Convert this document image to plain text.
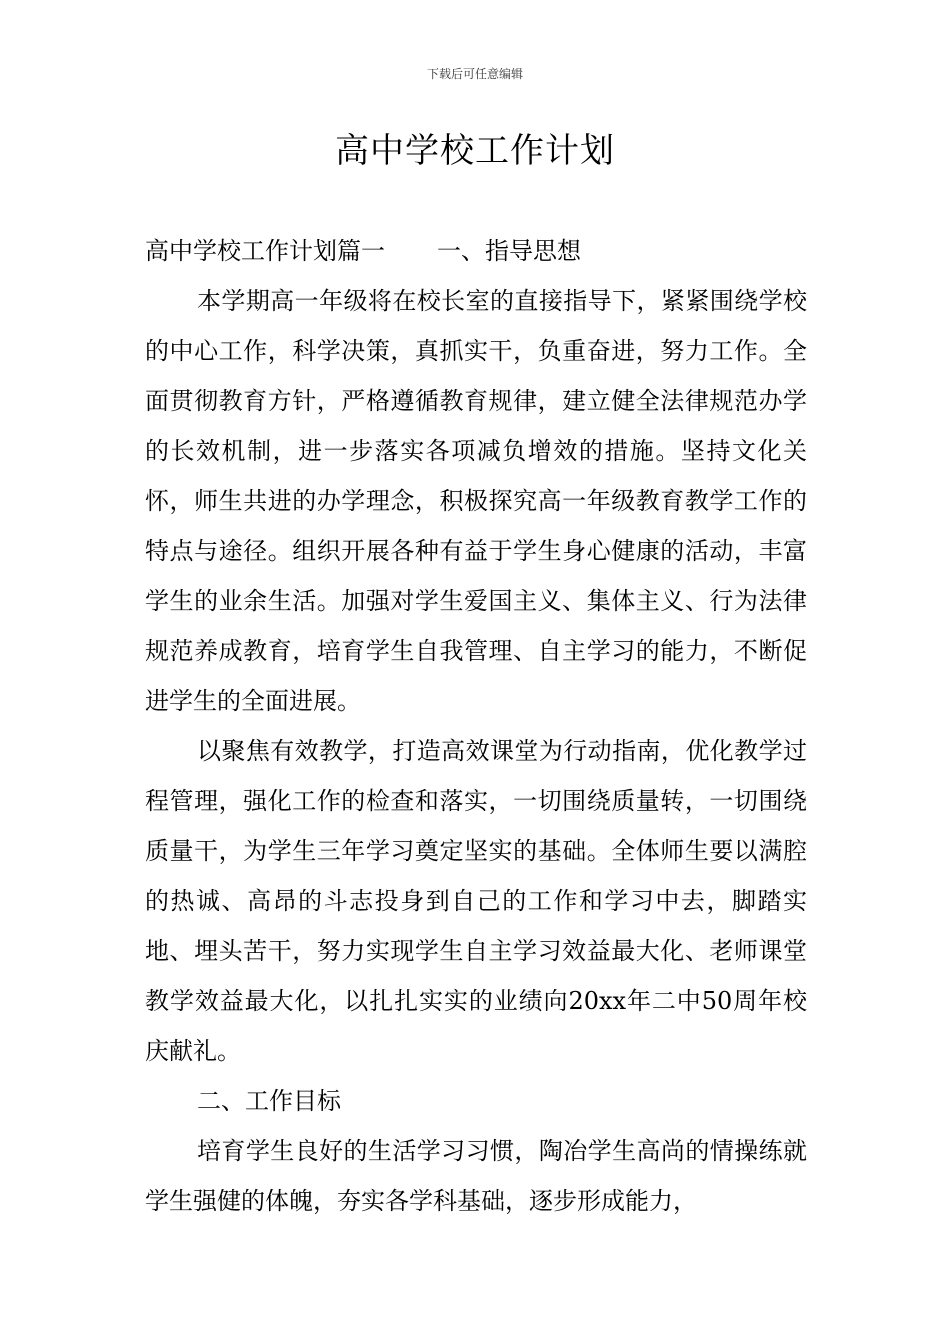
下载后可任意编辑
高中学校工作计划

高中学校工作计划篇一 一、指导思想

本学期高一年级将在校长室的直接指导下，紧紧围绕学校的中心工作，科学决策，真抓实干，负重奋进，努力工作。全面贯彻教育方针，严格遵循教育规律，建立健全法律规范办学的长效机制，进一步落实各项减负增效的措施。坚持文化关怀，师生共进的办学理念，积极探究高一年级教育教学工作的特点与途径。组织开展各种有益于学生身心健康的活动，丰富学生的业余生活。加强对学生爱国主义、集体主义、行为法律规范养成教育，培育学生自我管理、自主学习的能力，不断促进学生的全面进展。

以聚焦有效教学，打造高效课堂为行动指南，优化教学过程管理，强化工作的检查和落实，一切围绕质量转，一切围绕质量干，为学生三年学习奠定坚实的基础。全体师生要以满腔的热诚、高昂的斗志投身到自己的工作和学习中去，脚踏实地、埋头苦干，努力实现学生自主学习效益最大化、老师课堂教学效益最大化，以扎扎实实的业绩向20xx年二中50周年校庆献礼。

二、工作目标

培育学生良好的生活学习习惯，陶冶学生高尚的情操练就学生强健的体魄，夯实各学科基础，逐步形成能力，
